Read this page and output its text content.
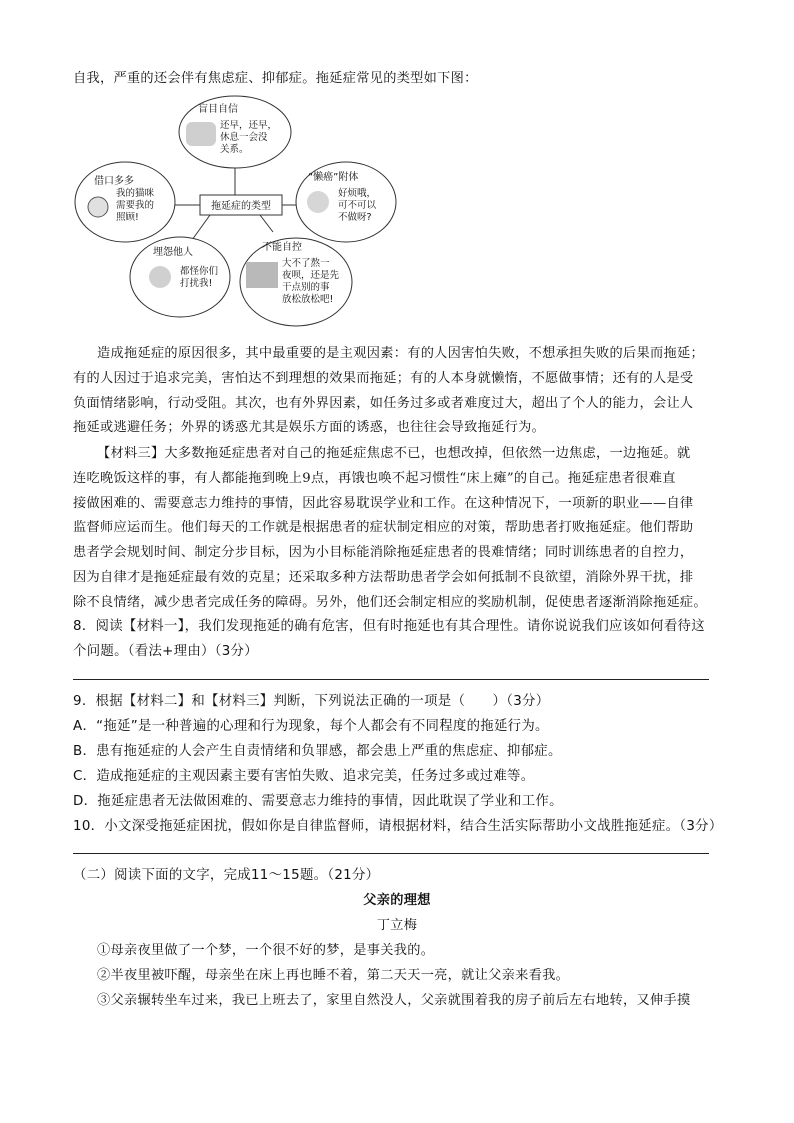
自我，严重的还会伴有焦虑症、抑郁症。拖延症常见的类型如下图：
拖延症的类型
盲目自信
还早，还早，
休息一会没
关系。
“懒癌”附体
好烦哦，
可不可以
不做呀?
不能自控
大不了熬一
夜呗，还是先
干点别的事
放松放松吧!
埋怨他人
都怪你们
打扰我!
借口多多
我的猫咪
需要我的
照顾!
造成拖延症的原因很多，其中最重要的是主观因素：有的人因害怕失败，不想承担失败的后果而拖延；
有的人因过于追求完美，害怕达不到理想的效果而拖延；有的人本身就懒惰，不愿做事情；还有的人是受
负面情绪影响，行动受阻。其次，也有外界因素，如任务过多或者难度过大，超出了个人的能力，会让人
拖延或逃避任务；外界的诱惑尤其是娱乐方面的诱惑，也往往会导致拖延行为。
【材料三】大多数拖延症患者对自己的拖延症焦虑不已，也想改掉，但依然一边焦虑，一边拖延。就
连吃晚饭这样的事，有人都能拖到晚上9点，再饿也唤不起习惯性“床上瘫”的自己。拖延症患者很难直
接做困难的、需要意志力维持的事情，因此容易耽误学业和工作。在这种情况下，一项新的职业——自律
监督师应运而生。他们每天的工作就是根据患者的症状制定相应的对策，帮助患者打败拖延症。他们帮助
患者学会规划时间、制定分步目标，因为小目标能消除拖延症患者的畏难情绪；同时训练患者的自控力，
因为自律才是拖延症最有效的克星；还采取多种方法帮助患者学会如何抵制不良欲望，消除外界干扰，排
除不良情绪，减少患者完成任务的障碍。另外，他们还会制定相应的奖励机制，促使患者逐渐消除拖延症。
8．阅读【材料一】，我们发现拖延的确有危害，但有时拖延也有其合理性。请你说说我们应该如何看待这
个问题。（看法+理由）（3分）
9．根据【材料二】和【材料三】判断，下列说法正确的一项是（　　）（3分）
A．“拖延”是一种普遍的心理和行为现象，每个人都会有不同程度的拖延行为。
B．患有拖延症的人会产生自责情绪和负罪感，都会患上严重的焦虑症、抑郁症。
C．造成拖延症的主观因素主要有害怕失败、追求完美，任务过多或过难等。
D．拖延症患者无法做困难的、需要意志力维持的事情，因此耽误了学业和工作。
10．小文深受拖延症困扰，假如你是自律监督师，请根据材料，结合生活实际帮助小文战胜拖延症。（3分）
（二）阅读下面的文字，完成11～15题。（21分）
父亲的理想
丁立梅
①母亲夜里做了一个梦，一个很不好的梦，是事关我的。
②半夜里被吓醒，母亲坐在床上再也睡不着，第二天天一亮，就让父亲来看我。
③父亲辗转坐车过来，我已上班去了，家里自然没人，父亲就围着我的房子前后左右地转，又伸手摸
